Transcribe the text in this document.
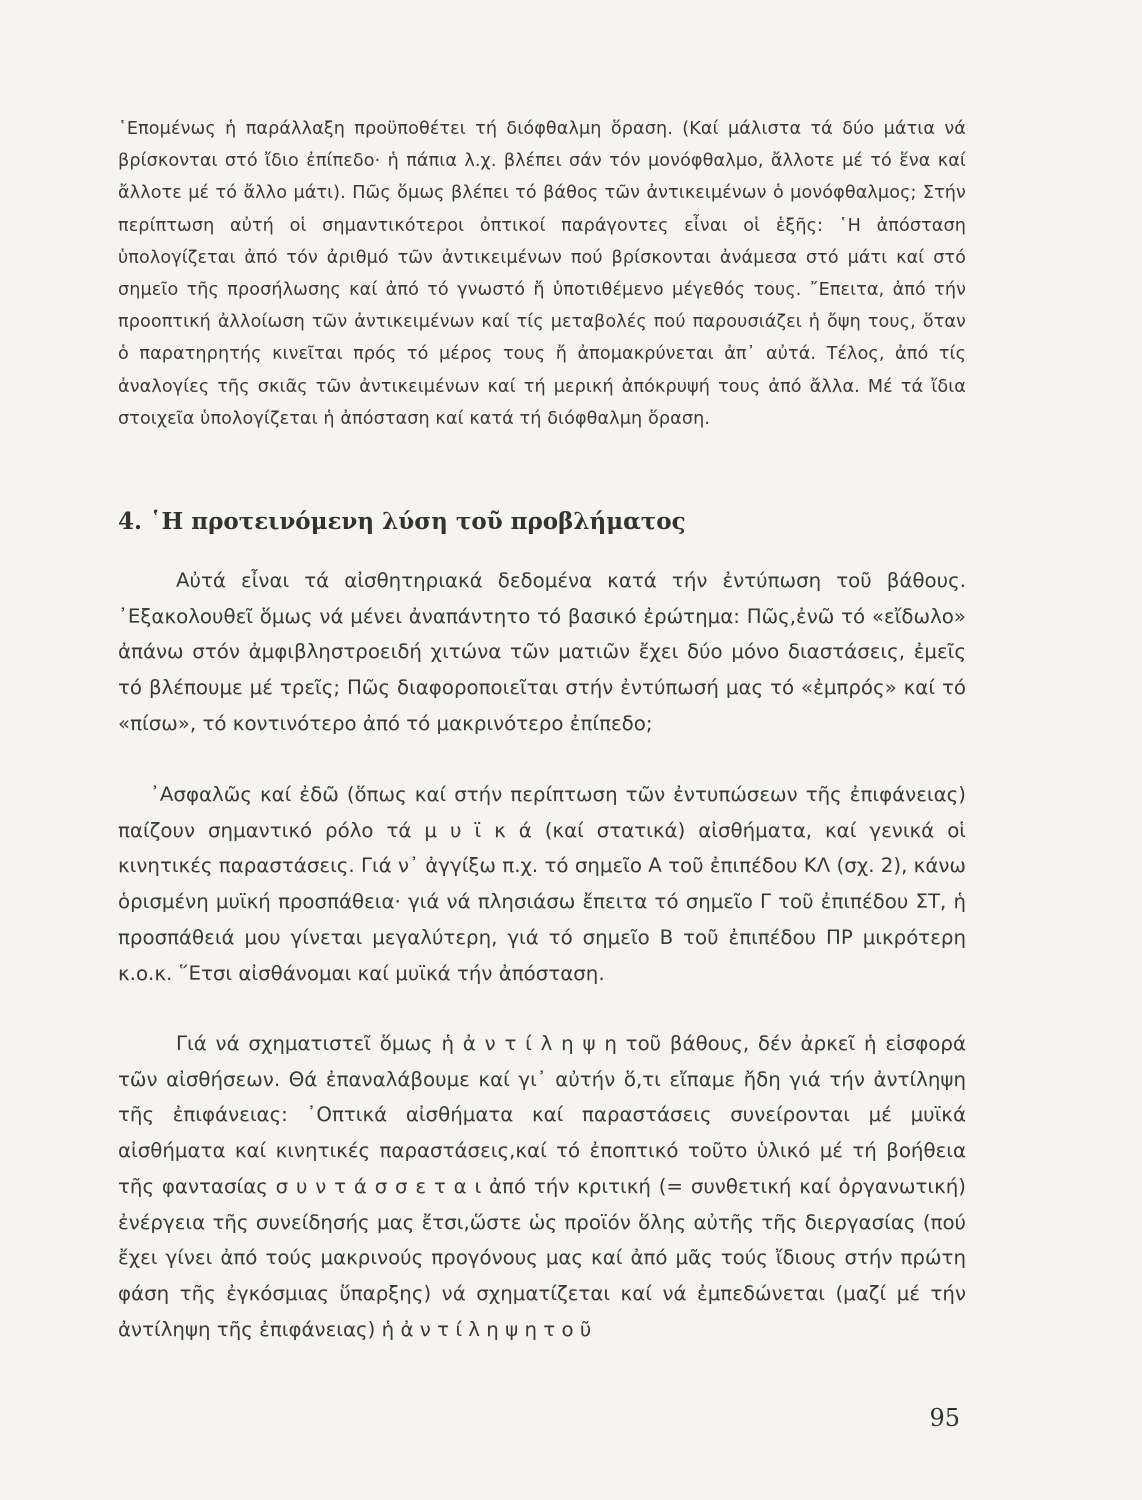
῾Επομένως ἡ παράλλαξη προϋποθέτει τή διόφθαλμη ὅραση. (Καί μάλιστα τά δύο μάτια νά βρίσκονται στό ἴδιο ἐπίπεδο· ἡ πάπια λ.χ. βλέπει σάν τόν μονόφθαλμο, ἄλλοτε μέ τό ἕνα καί ἄλλοτε μέ τό ἄλλο μάτι). Πῶς ὅμως βλέπει τό βάθος τῶν ἀντικειμένων ὁ μονόφθαλμος; Στήν περίπτωση αὐτή οἱ σημαντικότεροι ὀπτικοί παράγοντες εἶναι οἱ ἑξῆς: ῾Η ἀπόσταση ὑπολογίζεται ἀπό τόν ἀριθμό τῶν ἀντικειμένων πού βρίσκονται ἀνάμεσα στό μάτι καί στό σημεῖο τῆς προσήλωσης καί ἀπό τό γνωστό ἤ ὑποτιθέμενο μέγεθός τους. ῎Επειτα, ἀπό τήν προοπτική ἀλλοίωση τῶν ἀντικειμένων καί τίς μεταβολές πού παρουσιάζει ἡ ὄψη τους, ὅταν ὁ παρατηρητής κινεῖται πρός τό μέρος τους ἤ ἀπομακρύνεται ἀπ᾽ αὐτά. Τέλος, ἀπό τίς ἀναλογίες τῆς σκιᾶς τῶν ἀντικειμένων καί τή μερική ἀπόκρυψή τους ἀπό ἄλλα. Μέ τά ἴδια στοιχεῖα ὑπολογίζεται ἡ ἀπόσταση καί κατά τή διόφθαλμη ὅραση.

4. ῾Η προτεινόμενη λύση τοῦ προβλήματος

Αὐτά εἶναι τά αἰσθητηριακά δεδομένα κατά τήν ἐντύπωση τοῦ βάθους. ᾽Εξακολουθεῖ ὅμως νά μένει ἀναπάντητο τό βασικό ἐρώτημα: Πῶς,ἐνῶ τό «εἴδωλο» ἀπάνω στόν ἀμφιβληστροειδή χιτώνα τῶν ματιῶν ἔχει δύο μόνο διαστάσεις, ἐμεῖς τό βλέπουμε μέ τρεῖς; Πῶς διαφοροποιεῖται στήν ἐντύπωσή μας τό «ἐμπρός» καί τό «πίσω», τό κοντινότερο ἀπό τό μακρινότερο ἐπίπεδο;

᾽Ασφαλῶς καί ἐδῶ (ὅπως καί στήν περίπτωση τῶν ἐντυπώσεων τῆς ἐπιφάνειας) παίζουν σημαντικό ρόλο τά μ υ ϊ κ ά (καί στατικά) αἰσθήματα, καί γενικά οἱ κινητικές παραστάσεις. Γιά ν᾽ ἀγγίξω π.χ. τό σημεῖο Α τοῦ ἐπιπέδου ΚΛ (σχ. 2), κάνω ὁρισμένη μυϊκή προσπάθεια· γιά νά πλησιάσω ἔπειτα τό σημεῖο Γ τοῦ ἐπιπέδου ΣΤ, ἡ προσπάθειά μου γίνεται μεγαλύτερη, γιά τό σημεῖο Β τοῦ ἐπιπέδου ΠΡ μικρότερη κ.ο.κ. ῞Ετσι αἰσθάνομαι καί μυϊκά τήν ἀπόσταση.

Γιά νά σχηματιστεῖ ὅμως ἡ ἀ ν τ ί λ η ψ η τοῦ βάθους, δέν ἀρκεῖ ἡ εἰσφορά τῶν αἰσθήσεων. Θά ἐπαναλάβουμε καί γι᾽ αὐτήν ὅ,τι εἴπαμε ἤδη γιά τήν ἀντίληψη τῆς ἐπιφάνειας: ᾽Οπτικά αἰσθήματα καί παραστάσεις συνείρονται μέ μυϊκά αἰσθήματα καί κινητικές παραστάσεις,καί τό ἐποπτικό τοῦτο ὑλικό μέ τή βοήθεια τῆς φαντασίας σ υ ν τ ά σ σ ε τ α ι ἀπό τήν κριτική (= συνθετική καί ὀργανωτική) ἐνέργεια τῆς συνείδησής μας ἔτσι,ὥστε ὡς προϊόν ὅλης αὐτῆς τῆς διεργασίας (πού ἔχει γίνει ἀπό τούς μακρινούς προγόνους μας καί ἀπό μᾶς τούς ἴδιους στήν πρώτη φάση τῆς ἐγκόσμιας ὕπαρξης) νά σχηματίζεται καί νά ἐμπεδώνεται (μαζί μέ τήν ἀντίληψη τῆς ἐπιφάνειας) ἡ ἀ ν τ ί λ η ψ η τ ο ῦ

95
